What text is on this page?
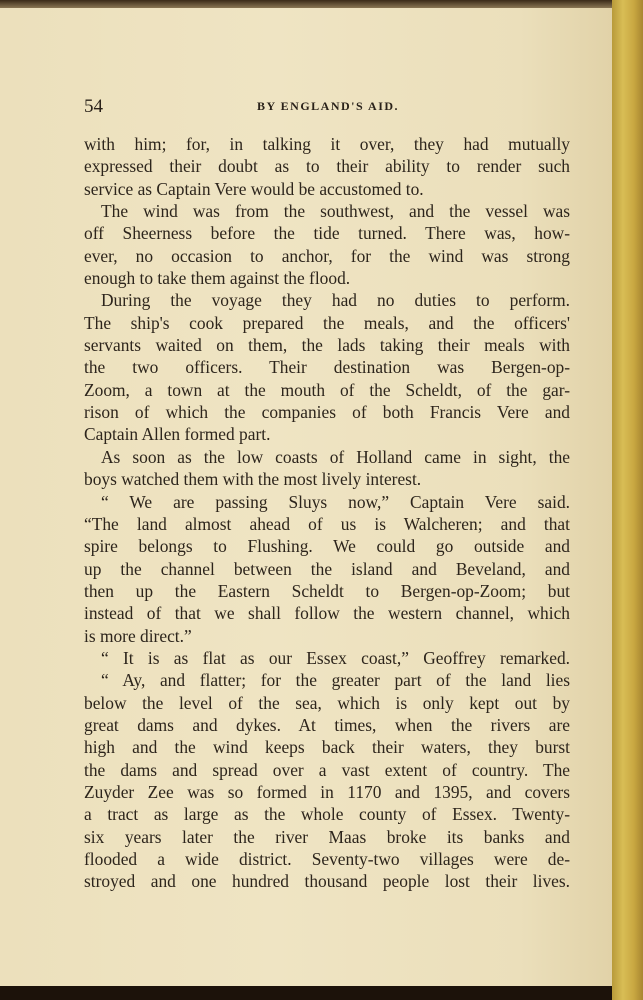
54	BY ENGLAND'S AID.
with him; for, in talking it over, they had mutually
expressed their doubt as to their ability to render such
service as Captain Vere would be accustomed to.
The wind was from the southwest, and the vessel was
off Sheerness before the tide turned. There was, how-
ever, no occasion to anchor, for the wind was strong
enough to take them against the flood.
During the voyage they had no duties to perform.
The ship's cook prepared the meals, and the officers'
servants waited on them, the lads taking their meals with
the two officers. Their destination was Bergen-op-
Zoom, a town at the mouth of the Scheldt, of the gar-
rison of which the companies of both Francis Vere and
Captain Allen formed part.
As soon as the low coasts of Holland came in sight, the
boys watched them with the most lively interest.
“ We are passing Sluys now,” Captain Vere said.
“The land almost ahead of us is Walcheren; and that
spire belongs to Flushing. We could go outside and
up the channel between the island and Beveland, and
then up the Eastern Scheldt to Bergen-op-Zoom; but
instead of that we shall follow the western channel, which
is more direct.”
“ It is as flat as our Essex coast,” Geoffrey remarked.
“ Ay, and flatter; for the greater part of the land lies
below the level of the sea, which is only kept out by
great dams and dykes. At times, when the rivers are
high and the wind keeps back their waters, they burst
the dams and spread over a vast extent of country. The
Zuyder Zee was so formed in 1170 and 1395, and covers
a tract as large as the whole county of Essex. Twenty-
six years later the river Maas broke its banks and
flooded a wide district. Seventy-two villages were de-
stroyed and one hundred thousand people lost their lives.
